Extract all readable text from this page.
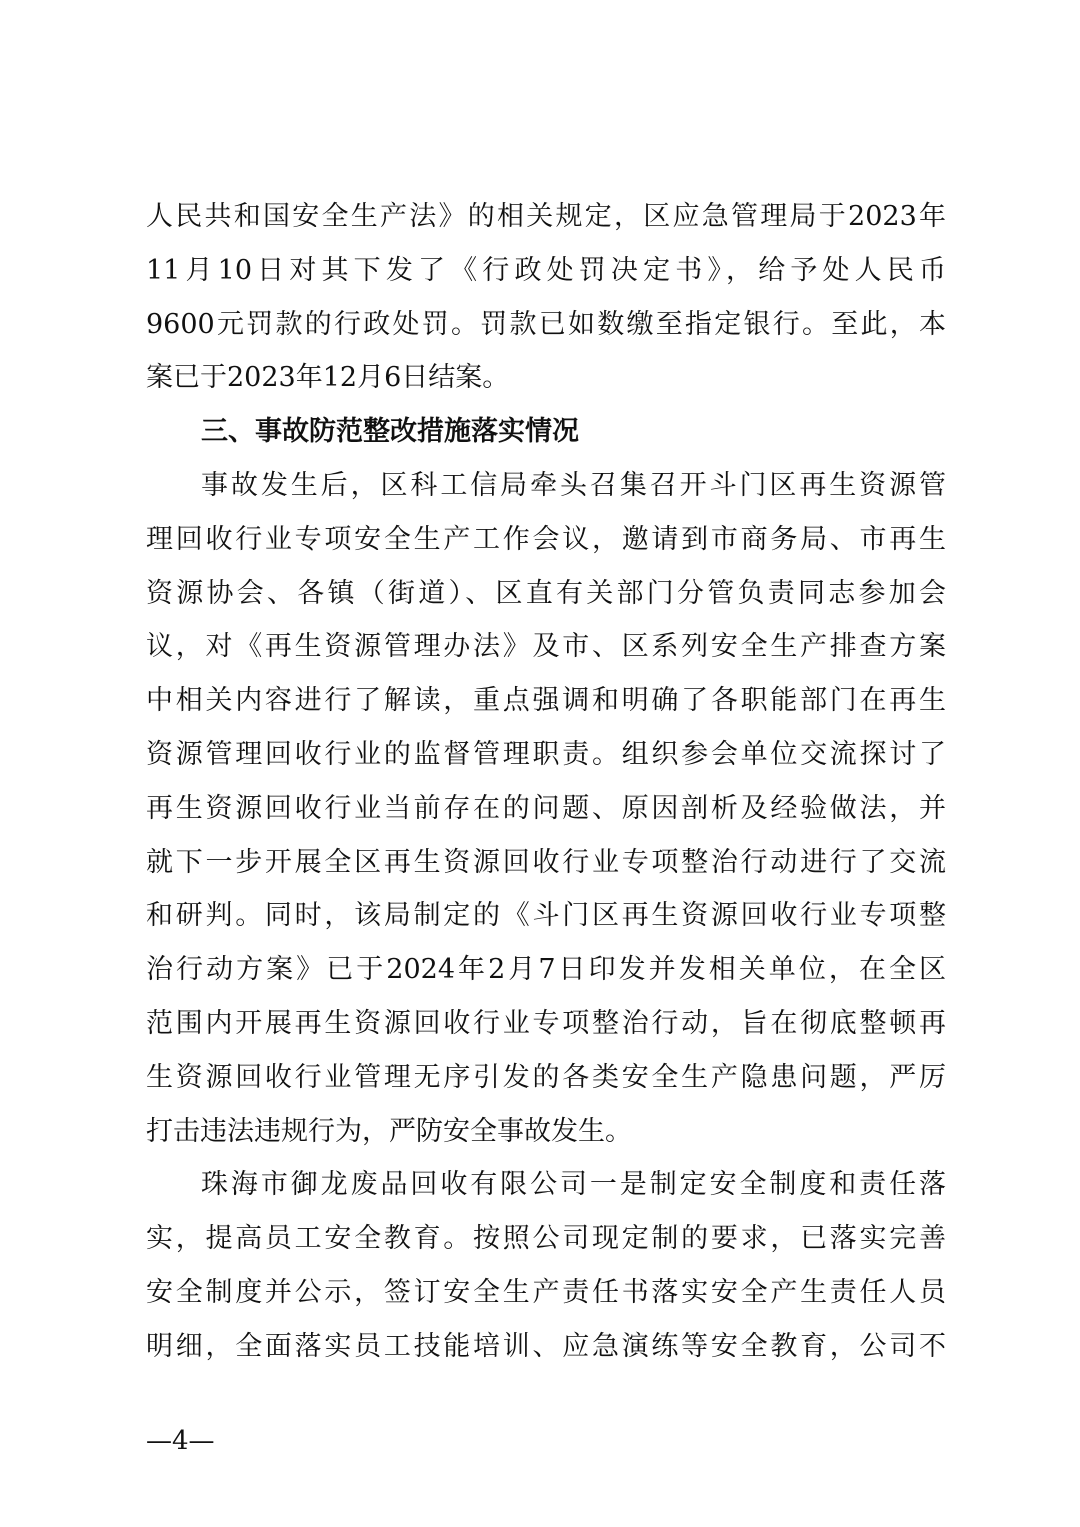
人民共和国安全生产法》的相关规定，区应急管理局于2023年
11月10日对其下发了《行政处罚决定书》，给予处人民币
9600元罚款的行政处罚。罚款已如数缴至指定银行。至此，本
案已于2023年12月6日结案。
三、事故防范整改措施落实情况
事故发生后，区科工信局牵头召集召开斗门区再生资源管
理回收行业专项安全生产工作会议，邀请到市商务局、市再生
资源协会、各镇（街道）、区直有关部门分管负责同志参加会
议，对《再生资源管理办法》及市、区系列安全生产排查方案
中相关内容进行了解读，重点强调和明确了各职能部门在再生
资源管理回收行业的监督管理职责。组织参会单位交流探讨了
再生资源回收行业当前存在的问题、原因剖析及经验做法，并
就下一步开展全区再生资源回收行业专项整治行动进行了交流
和研判。同时，该局制定的《斗门区再生资源回收行业专项整
治行动方案》已于2024年2月7日印发并发相关单位，在全区
范围内开展再生资源回收行业专项整治行动，旨在彻底整顿再
生资源回收行业管理无序引发的各类安全生产隐患问题，严厉
打击违法违规行为，严防安全事故发生。
珠海市御龙废品回收有限公司一是制定安全制度和责任落
实，提高员工安全教育。按照公司现定制的要求，已落实完善
安全制度并公示，签订安全生产责任书落实安全产生责任人员
明细，全面落实员工技能培训、应急演练等安全教育，公司不
—4—
